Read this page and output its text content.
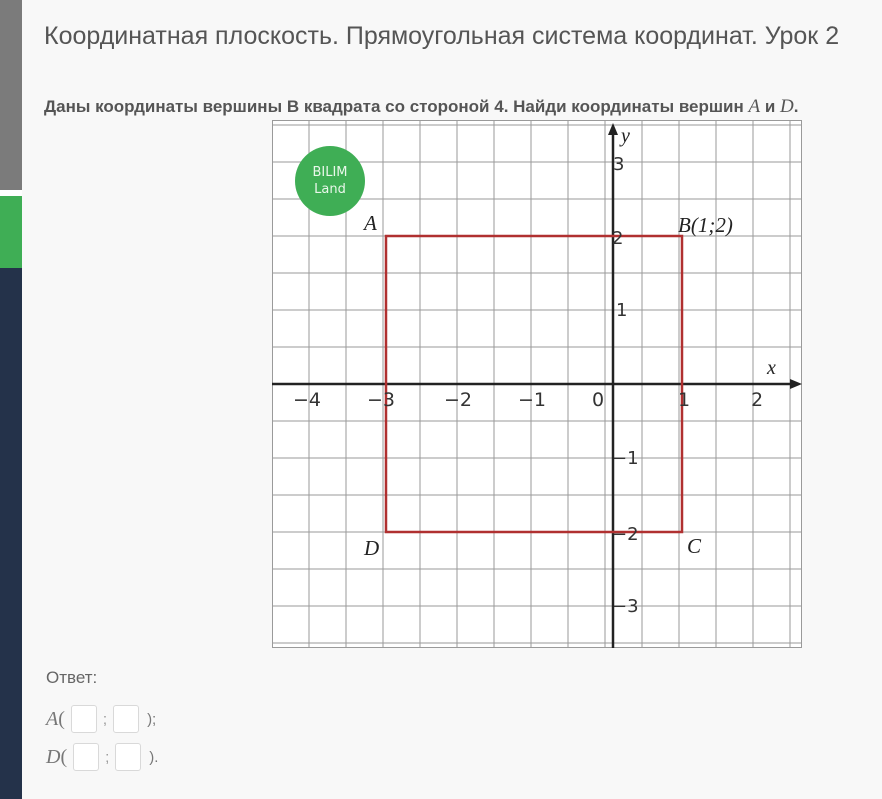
Координатная плоскость. Прямоугольная система координат. Урок 2
Даны координаты вершины B квадрата со стороной 4. Найди координаты вершин A и D.
BILIM
Land
x
y
−4 −3	−2 −1 0	1	2
3
2
1
−1
−2
−3
A	B(1;2)
C
D
Ответ:
A (	;	);
D (	;	).
